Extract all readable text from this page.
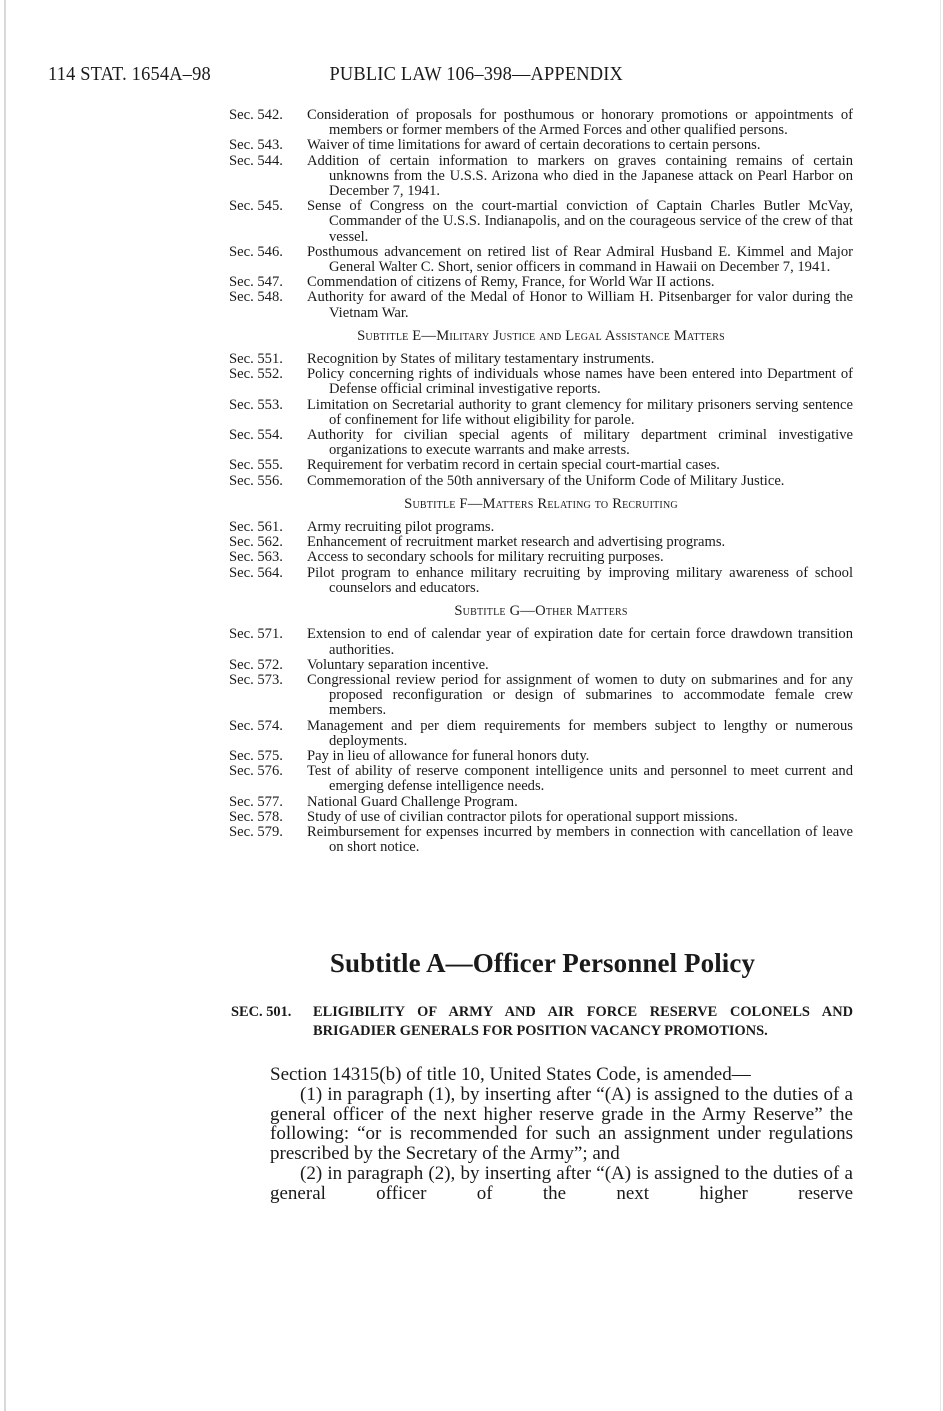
114 STAT. 1654A–98	PUBLIC LAW 106–398—APPENDIX
Sec. 542.	Consideration of proposals for posthumous or honorary promotions or appointments of members or former members of the Armed Forces and other qualified persons.
Sec. 543.	Waiver of time limitations for award of certain decorations to certain persons.
Sec. 544.	Addition of certain information to markers on graves containing remains of certain unknowns from the U.S.S. Arizona who died in the Japanese attack on Pearl Harbor on December 7, 1941.
Sec. 545.	Sense of Congress on the court-martial conviction of Captain Charles Butler McVay, Commander of the U.S.S. Indianapolis, and on the courageous service of the crew of that vessel.
Sec. 546.	Posthumous advancement on retired list of Rear Admiral Husband E. Kimmel and Major General Walter C. Short, senior officers in command in Hawaii on December 7, 1941.
Sec. 547.	Commendation of citizens of Remy, France, for World War II actions.
Sec. 548.	Authority for award of the Medal of Honor to William H. Pitsenbarger for valor during the Vietnam War.
Subtitle E—Military Justice and Legal Assistance Matters
Sec. 551.	Recognition by States of military testamentary instruments.
Sec. 552.	Policy concerning rights of individuals whose names have been entered into Department of Defense official criminal investigative reports.
Sec. 553.	Limitation on Secretarial authority to grant clemency for military prisoners serving sentence of confinement for life without eligibility for parole.
Sec. 554.	Authority for civilian special agents of military department criminal investigative organizations to execute warrants and make arrests.
Sec. 555.	Requirement for verbatim record in certain special court-martial cases.
Sec. 556.	Commemoration of the 50th anniversary of the Uniform Code of Military Justice.
Subtitle F—Matters Relating to Recruiting
Sec. 561.	Army recruiting pilot programs.
Sec. 562.	Enhancement of recruitment market research and advertising programs.
Sec. 563.	Access to secondary schools for military recruiting purposes.
Sec. 564.	Pilot program to enhance military recruiting by improving military awareness of school counselors and educators.
Subtitle G—Other Matters
Sec. 571.	Extension to end of calendar year of expiration date for certain force drawdown transition authorities.
Sec. 572.	Voluntary separation incentive.
Sec. 573.	Congressional review period for assignment of women to duty on submarines and for any proposed reconfiguration or design of submarines to accommodate female crew members.
Sec. 574.	Management and per diem requirements for members subject to lengthy or numerous deployments.
Sec. 575.	Pay in lieu of allowance for funeral honors duty.
Sec. 576.	Test of ability of reserve component intelligence units and personnel to meet current and emerging defense intelligence needs.
Sec. 577.	National Guard Challenge Program.
Sec. 578.	Study of use of civilian contractor pilots for operational support missions.
Sec. 579.	Reimbursement for expenses incurred by members in connection with cancellation of leave on short notice.
Subtitle A—Officer Personnel Policy
SEC. 501.	ELIGIBILITY OF ARMY AND AIR FORCE RESERVE COLONELS AND BRIGADIER GENERALS FOR POSITION VACANCY PROMOTIONS.

Section 14315(b) of title 10, United States Code, is amended—

(1) in paragraph (1), by inserting after “(A) is assigned to the duties of a general officer of the next higher reserve grade in the Army Reserve” the following: “or is recommended for such an assignment under regulations prescribed by the Secretary of the Army”; and

(2) in paragraph (2), by inserting after “(A) is assigned to the duties of a general officer of the next higher reserve
